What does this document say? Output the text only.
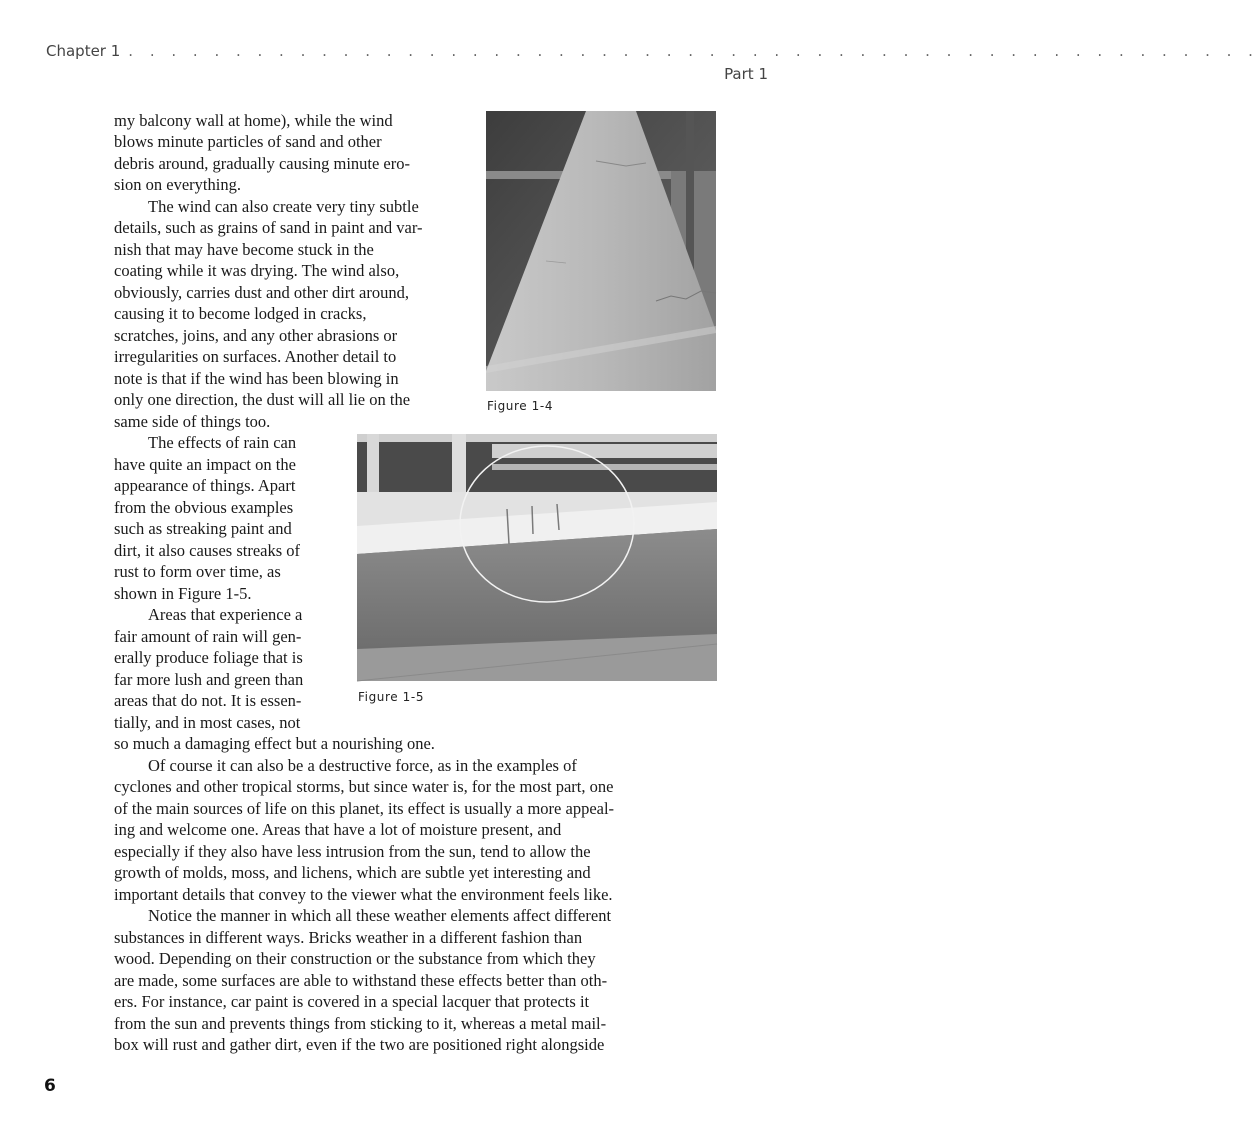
Chapter 1 . . . . . . . . . . . . . . . . . . . . . . . . . . . . . . . . . . . . . . . . . . . . . . . . . . . . .
Part 1
my balcony wall at home), while the wind
blows minute particles of sand and other
debris around, gradually causing minute ero-
sion on everything.
The wind can also create very tiny subtle
details, such as grains of sand in paint and var-
nish that may have become stuck in the
coating while it was drying. The wind also,
obviously, carries dust and other dirt around,
causing it to become lodged in cracks,
scratches, joins, and any other abrasions or
irregularities on surfaces. Another detail to
note is that if the wind has been blowing in
only one direction, the dust will all lie on the
same side of things too.
The effects of rain can
have quite an impact on the
appearance of things. Apart
from the obvious examples
such as streaking paint and
dirt, it also causes streaks of
rust to form over time, as
shown in Figure 1-5.
Areas that experience a
fair amount of rain will gen-
erally produce foliage that is
far more lush and green than
areas that do not. It is essen-
tially, and in most cases, not
so much a damaging effect but a nourishing one.
Of course it can also be a destructive force, as in the examples of
cyclones and other tropical storms, but since water is, for the most part, one
of the main sources of life on this planet, its effect is usually a more appeal-
ing and welcome one. Areas that have a lot of moisture present, and
especially if they also have less intrusion from the sun, tend to allow the
growth of molds, moss, and lichens, which are subtle yet interesting and
important details that convey to the viewer what the environment feels like.
Notice the manner in which all these weather elements affect different
substances in different ways. Bricks weather in a different fashion than
wood. Depending on their construction or the substance from which they
are made, some surfaces are able to withstand these effects better than oth-
ers. For instance, car paint is covered in a special lacquer that protects it
from the sun and prevents things from sticking to it, whereas a metal mail-
box will rust and gather dirt, even if the two are positioned right alongside
Figure 1-4
Figure 1-5
6
